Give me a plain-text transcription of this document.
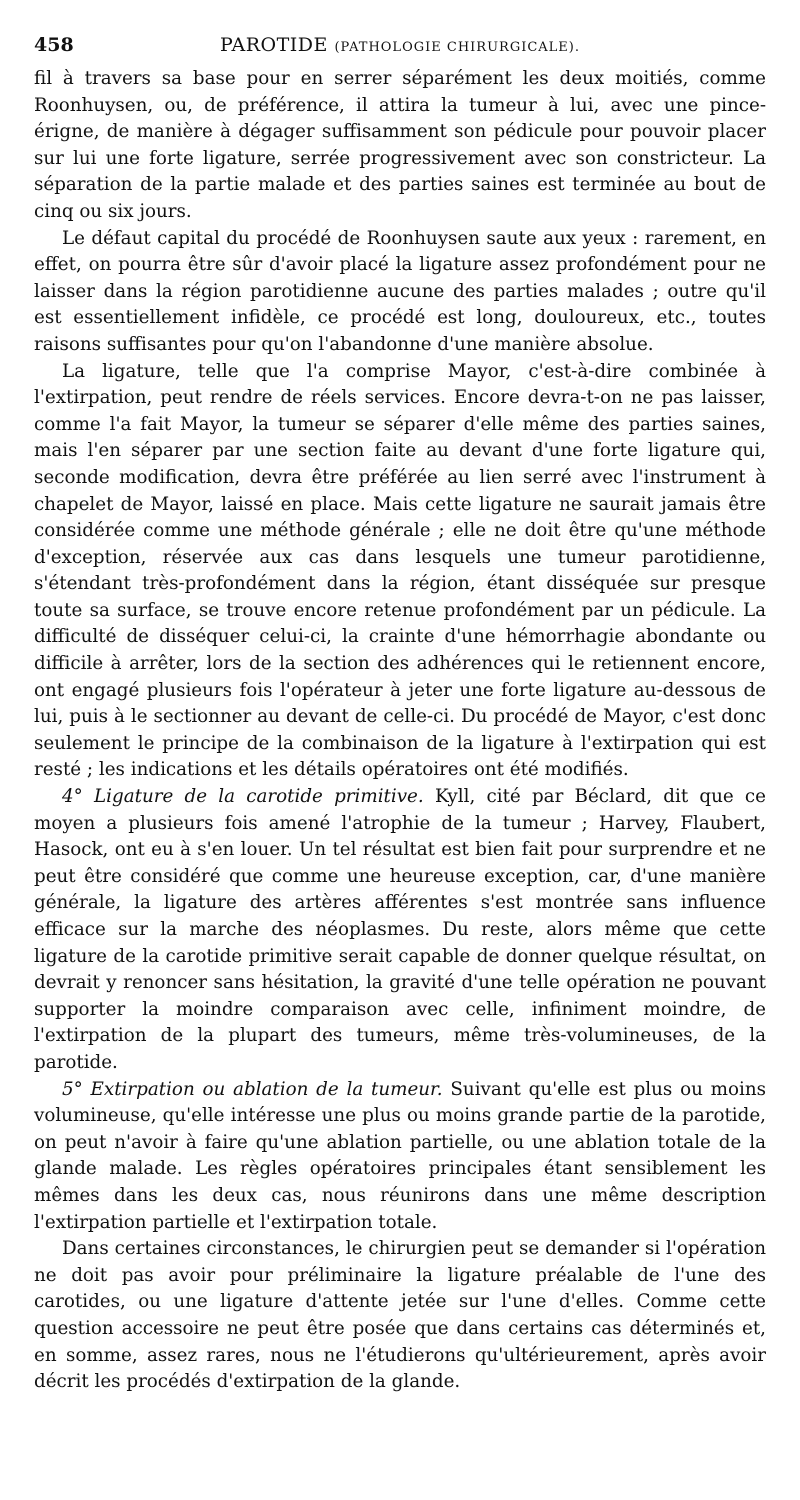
458	PAROTIDE (PATHOLOGIE CHIRURGICALE).

fil à travers sa base pour en serrer séparément les deux moitiés, comme Roonhuysen, ou, de préférence, il attira la tumeur à lui, avec une pince-érigne, de manière à dégager suffisamment son pédicule pour pouvoir placer sur lui une forte ligature, serrée progressivement avec son constricteur. La séparation de la partie malade et des parties saines est terminée au bout de cinq ou six jours.

Le défaut capital du procédé de Roonhuysen saute aux yeux : rarement, en effet, on pourra être sûr d'avoir placé la ligature assez profondément pour ne laisser dans la région parotidienne aucune des parties malades ; outre qu'il est essentiellement infidèle, ce procédé est long, douloureux, etc., toutes raisons suffisantes pour qu'on l'abandonne d'une manière absolue.

La ligature, telle que l'a comprise Mayor, c'est-à-dire combinée à l'extirpation, peut rendre de réels services. Encore devra-t-on ne pas laisser, comme l'a fait Mayor, la tumeur se séparer d'elle même des parties saines, mais l'en séparer par une section faite au devant d'une forte ligature qui, seconde modification, devra être préférée au lien serré avec l'instrument à chapelet de Mayor, laissé en place. Mais cette ligature ne saurait jamais être considérée comme une méthode générale ; elle ne doit être qu'une méthode d'exception, réservée aux cas dans lesquels une tumeur parotidienne, s'étendant très-profondément dans la région, étant disséquée sur presque toute sa surface, se trouve encore retenue profondément par un pédicule. La difficulté de disséquer celui-ci, la crainte d'une hémorrhagie abondante ou difficile à arrêter, lors de la section des adhérences qui le retiennent encore, ont engagé plusieurs fois l'opérateur à jeter une forte ligature au-dessous de lui, puis à le sectionner au devant de celle-ci. Du procédé de Mayor, c'est donc seulement le principe de la combinaison de la ligature à l'extirpation qui est resté ; les indications et les détails opératoires ont été modifiés.

4° Ligature de la carotide primitive. Kyll, cité par Béclard, dit que ce moyen a plusieurs fois amené l'atrophie de la tumeur ; Harvey, Flaubert, Hasock, ont eu à s'en louer. Un tel résultat est bien fait pour surprendre et ne peut être considéré que comme une heureuse exception, car, d'une manière générale, la ligature des artères afférentes s'est montrée sans influence efficace sur la marche des néoplasmes. Du reste, alors même que cette ligature de la carotide primitive serait capable de donner quelque résultat, on devrait y renoncer sans hésitation, la gravité d'une telle opération ne pouvant supporter la moindre comparaison avec celle, infiniment moindre, de l'extirpation de la plupart des tumeurs, même très-volumineuses, de la parotide.

5° Extirpation ou ablation de la tumeur. Suivant qu'elle est plus ou moins volumineuse, qu'elle intéresse une plus ou moins grande partie de la parotide, on peut n'avoir à faire qu'une ablation partielle, ou une ablation totale de la glande malade. Les règles opératoires principales étant sensiblement les mêmes dans les deux cas, nous réunirons dans une même description l'extirpation partielle et l'extirpation totale.

Dans certaines circonstances, le chirurgien peut se demander si l'opération ne doit pas avoir pour préliminaire la ligature préalable de l'une des carotides, ou une ligature d'attente jetée sur l'une d'elles. Comme cette question accessoire ne peut être posée que dans certains cas déterminés et, en somme, assez rares, nous ne l'étudierons qu'ultérieurement, après avoir décrit les procédés d'extirpation de la glande.
